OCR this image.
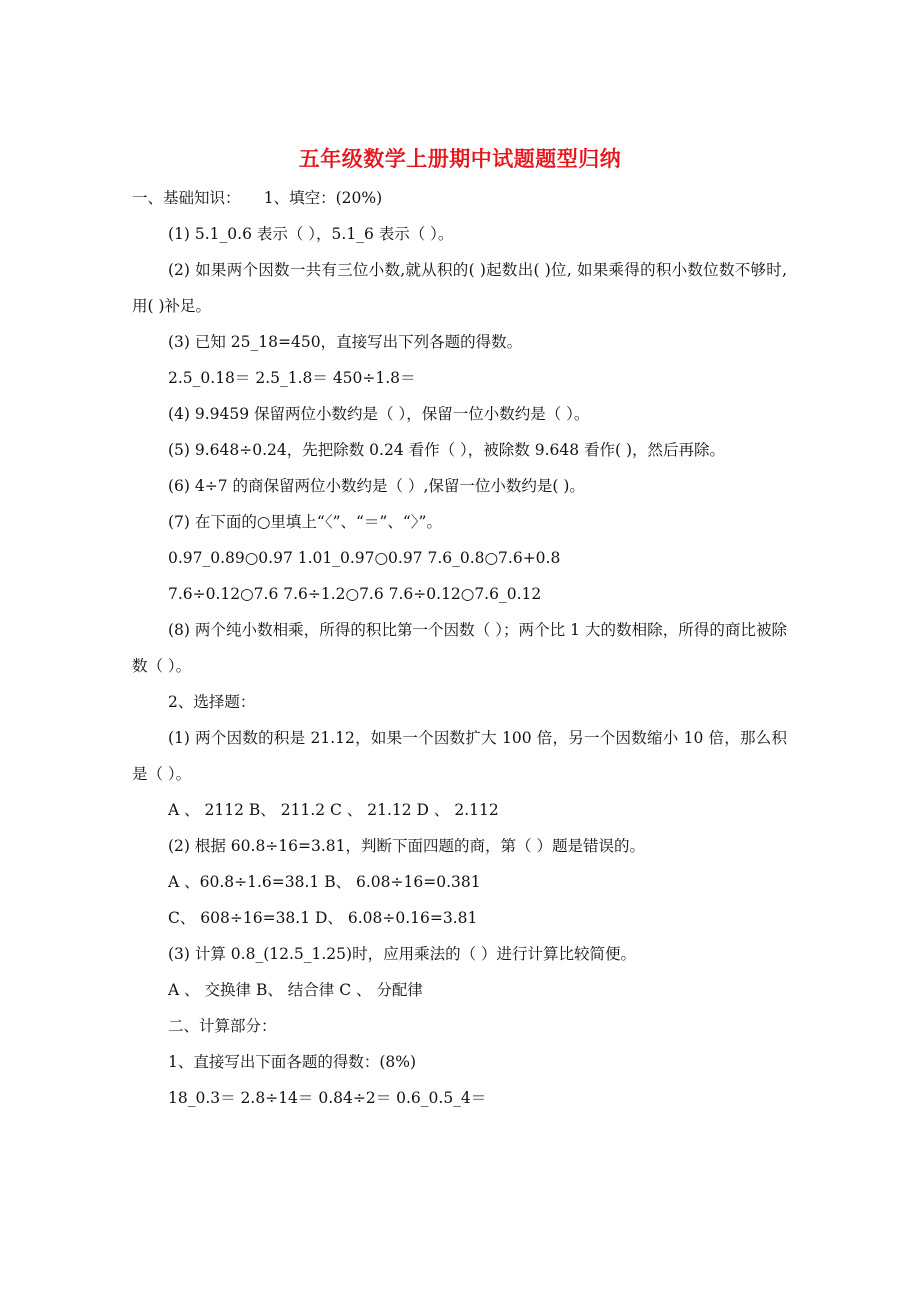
五年级数学上册期中试题题型归纳

一、基础知识：　　1、填空：(20%)

(1) 5.1_0.6 表示（ ），5.1_6 表示（ ）。

(2) 如果两个因数一共有三位小数,就从积的( )起数出( )位, 如果乘得的积小数位数不够时,用( )补足。

(3) 已知 25_18=450，直接写出下列各题的得数。

2.5_0.18＝ 2.5_1.8＝ 450÷1.8＝

(4) 9.9459 保留两位小数约是（ ），保留一位小数约是（ ）。

(5) 9.648÷0.24，先把除数 0.24 看作（ ），被除数 9.648 看作( )，然后再除。

(6) 4÷7 的商保留两位小数约是（ ）,保留一位小数约是( )。

(7) 在下面的○里填上“〈”、“＝”、“〉”。

0.97_0.89○0.97 1.01_0.97○0.97 7.6_0.8○7.6+0.8

7.6÷0.12○7.6 7.6÷1.2○7.6 7.6÷0.12○7.6_0.12

(8) 两个纯小数相乘，所得的积比第一个因数（ ）；两个比 1 大的数相除，所得的商比被除数（ ）。

2、选择题：

(1) 两个因数的积是 21.12，如果一个因数扩大 100 倍，另一个因数缩小 10 倍，那么积是（ ）。

A 、 2112 B、 211.2 C 、 21.12 D 、 2.112

(2) 根据 60.8÷16=3.81，判断下面四题的商，第（ ）题是错误的。

A 、60.8÷1.6=38.1 B、 6.08÷16=0.381

C、 608÷16=38.1 D、 6.08÷0.16=3.81

(3) 计算 0.8_(12.5_1.25)时，应用乘法的（ ）进行计算比较简便。

A 、 交换律 B、 结合律 C 、 分配律

二、计算部分：

1、直接写出下面各题的得数：(8%)

18_0.3＝ 2.8÷14＝ 0.84÷2＝ 0.6_0.5_4＝
